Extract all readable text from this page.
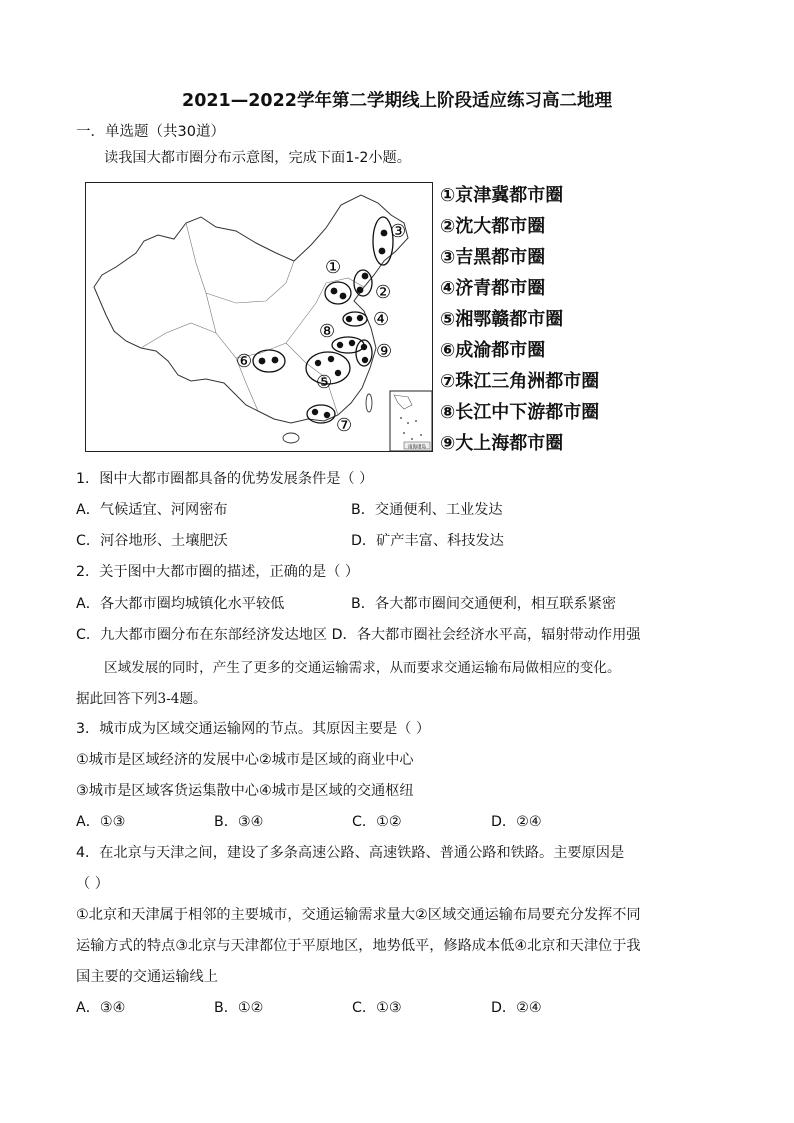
2021—2022学年第二学期线上阶段适应练习高二地理
一．单选题（共30道）
读我国大都市圈分布示意图，完成下面1-2小题。
南海诸岛
①
②
③
④
⑤
⑥
⑦
⑧
⑨
①京津冀都市圈
②沈大都市圈
③吉黑都市圈
④济青都市圈
⑤湘鄂赣都市圈
⑥成渝都市圈
⑦珠江三角洲都市圈
⑧长江中下游都市圈
⑨大上海都市圈
1．图中大都市圈都具备的优势发展条件是（ ）
A．气候适宜、河网密布	B．交通便利、工业发达
C．河谷地形、土壤肥沃	D．矿产丰富、科技发达
2．关于图中大都市圈的描述，正确的是（ ）
A．各大都市圈均城镇化水平较低	B．各大都市圈间交通便利，相互联系紧密
C．九大都市圈分布在东部经济发达地区 D．各大都市圈社会经济水平高，辐射带动作用强
区域发展的同时，产生了更多的交通运输需求，从而要求交通运输布局做相应的变化。
据此回答下列3-4题。
3．城市成为区域交通运输网的节点。其原因主要是（ ）
①城市是区域经济的发展中心②城市是区域的商业中心
③城市是区域客货运集散中心④城市是区域的交通枢纽
A．①③	B．③④	C．①②	D．②④
4．在北京与天津之间，建设了多条高速公路、高速铁路、普通公路和铁路。主要原因是
（ ）
①北京和天津属于相邻的主要城市，交通运输需求量大②区域交通运输布局要充分发挥不同
运输方式的特点③北京与天津都位于平原地区，地势低平，修路成本低④北京和天津位于我
国主要的交通运输线上
A．③④	B．①②	C．①③	D．②④
